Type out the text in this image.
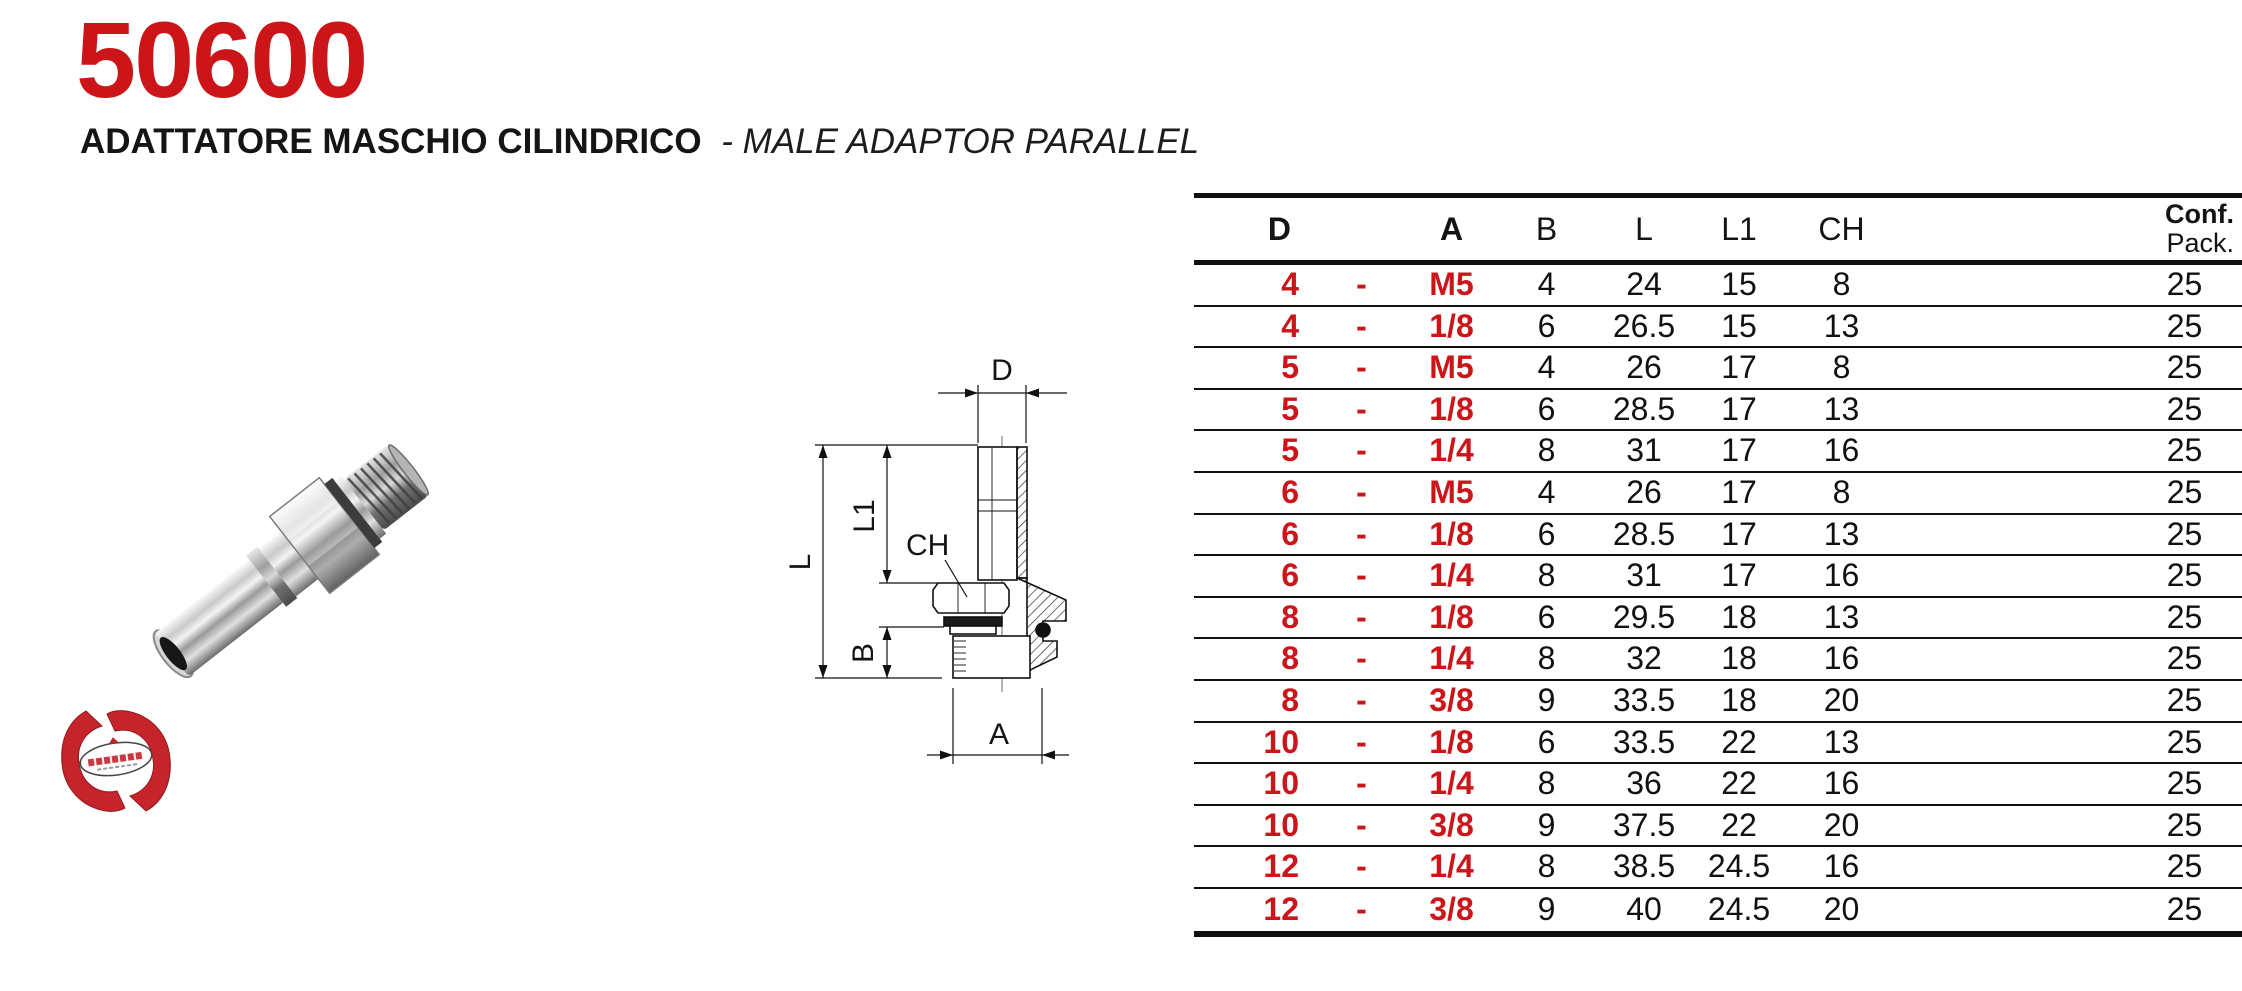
50600
ADATTATORE MASCHIO CILINDRICO - MALE ADAPTOR PARALLEL
D
L
L1
B
A
CH
D	A	B	L	L1	CH	Conf.
Pack.
4	-	M5	4	24	15	8	25
4	-	1/8	6	26.5	15	13	25
5	-	M5	4	26	17	8	25
5	-	1/8	6	28.5	17	13	25
5	-	1/4	8	31	17	16	25
6	-	M5	4	26	17	8	25
6	-	1/8	6	28.5	17	13	25
6	-	1/4	8	31	17	16	25
8	-	1/8	6	29.5	18	13	25
8	-	1/4	8	32	18	16	25
8	-	3/8	9	33.5	18	20	25
10	-	1/8	6	33.5	22	13	25
10	-	1/4	8	36	22	16	25
10	-	3/8	9	37.5	22	20	25
12	-	1/4	8	38.5	24.5	16	25
12	-	3/8	9	40	24.5	20	25
